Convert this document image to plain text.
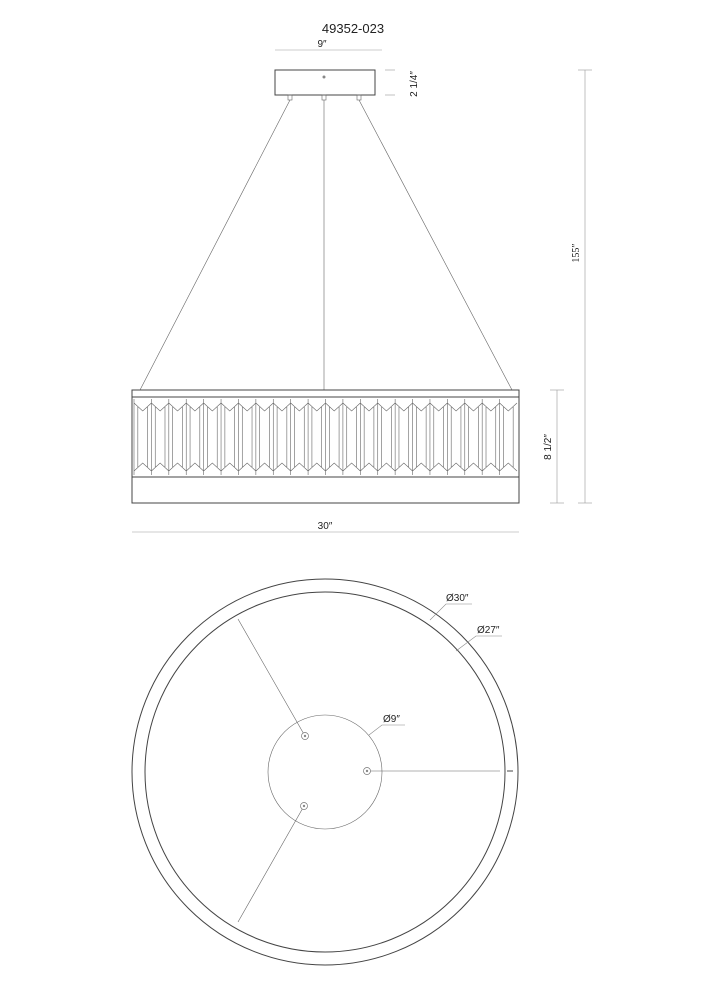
49352-023
9″
2 1/4″
155″
8 1/2″
30″
Ø30″
Ø27″
Ø9″
